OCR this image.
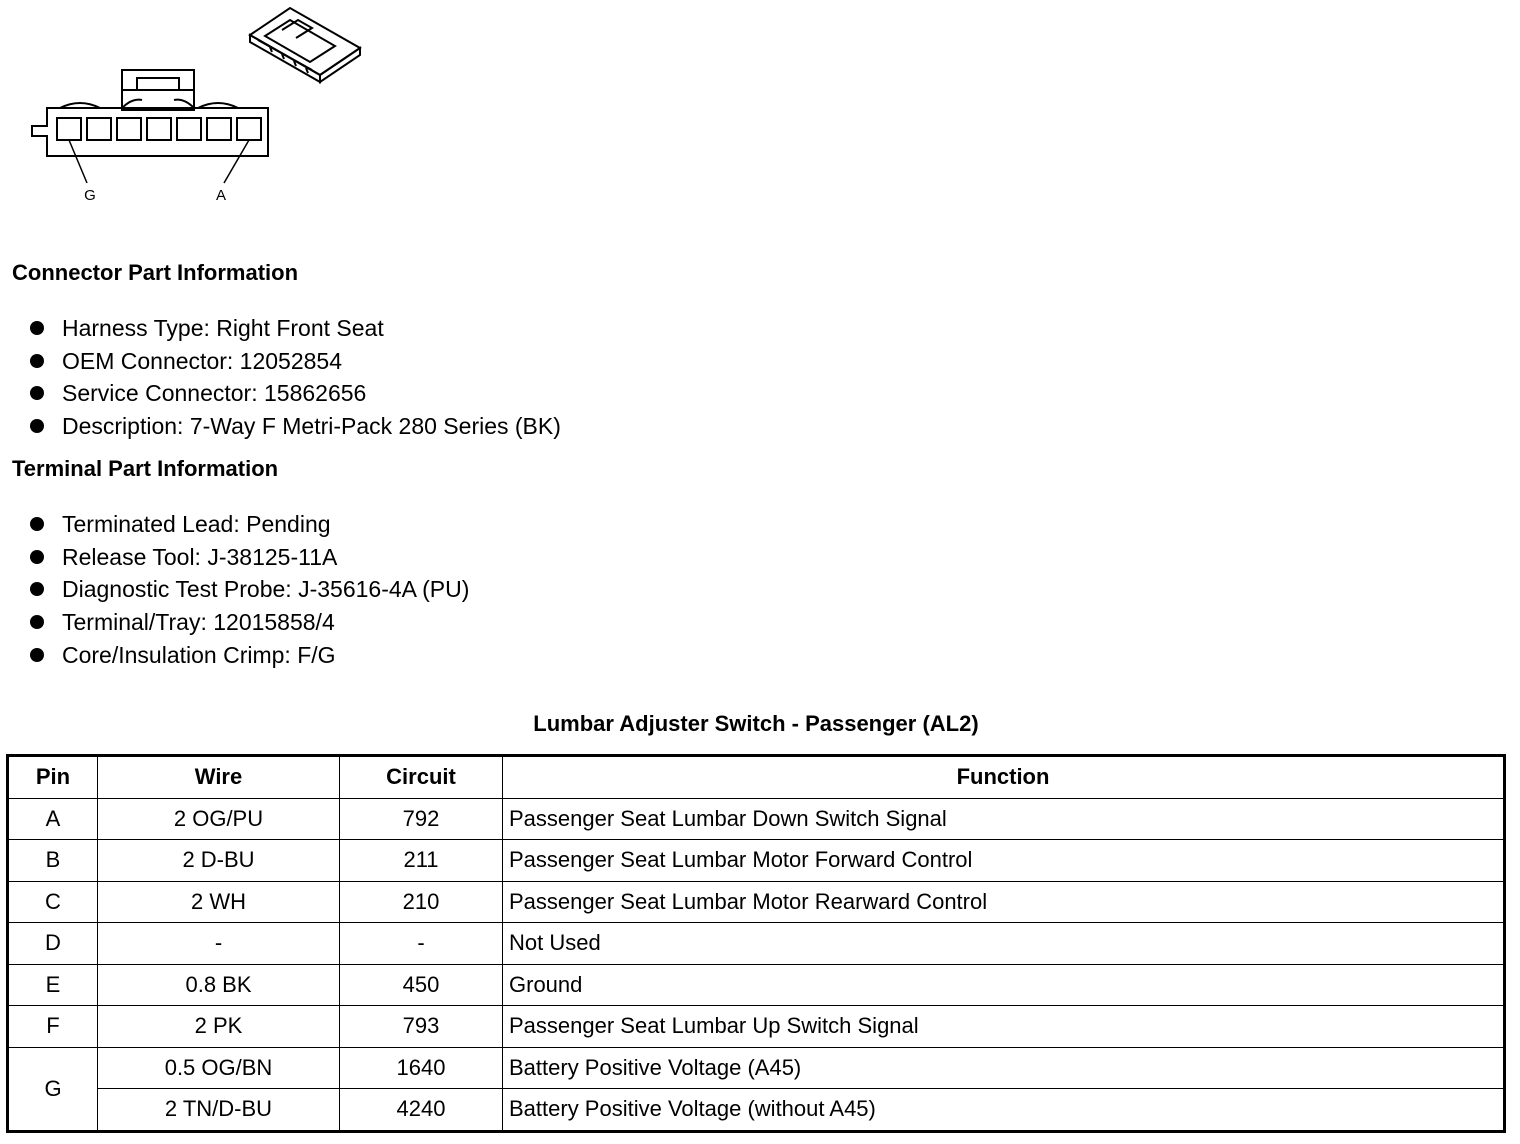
G	A
Connector Part Information
Harness Type: Right Front Seat
OEM Connector: 12052854
Service Connector: 15862656
Description: 7-Way F Metri-Pack 280 Series (BK)
Terminal Part Information
Terminated Lead: Pending
Release Tool: J-38125-11A
Diagnostic Test Probe: J-35616-4A (PU)
Terminal/Tray: 12015858/4
Core/Insulation Crimp: F/G
Lumbar Adjuster Switch - Passenger (AL2)
Pin	Wire	Circuit	Function
A	2 OG/PU	792	Passenger Seat Lumbar Down Switch Signal
B	2 D-BU	211	Passenger Seat Lumbar Motor Forward Control
C	2 WH	210	Passenger Seat Lumbar Motor Rearward Control
D	-	-	Not Used
E	0.8 BK	450	Ground
F	2 PK	793	Passenger Seat Lumbar Up Switch Signal
G	0.5 OG/BN	1640	Battery Positive Voltage (A45)
	2 TN/D-BU	4240	Battery Positive Voltage (without A45)
